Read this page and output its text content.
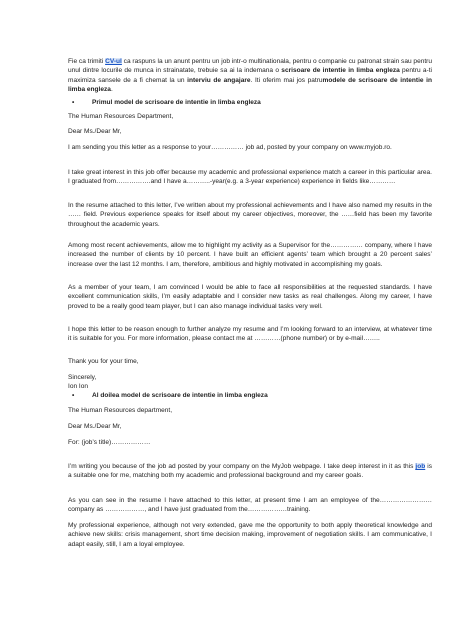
Fie ca trimiti CV-ul ca raspuns la un anunt pentru un job intr-o multinationala, pentru o companie cu patronat strain sau pentru unul dintre locurile de munca in strainatate, trebuie sa ai la indemana o scrisoare de intentie in limba engleza pentru a-ti maximiza sansele de a fi chemat la un interviu de angajare. Iti oferim mai jos patrumodele de scrisoare de intentie in limba engleza.
•	Primul model de scrisoare de intentie in limba engleza
The Human Resources Department,
Dear Ms./Dear Mr,
I am sending you this letter as a response to your…………… job ad, posted by your company on www.myjob.ro.
I take great interest in this job offer because my academic and professional experience match a career in this particular area. I graduated from…………….and I have a………..-year(e.g. a 3-year experience) experience in fields like…………
In the resume attached to this letter, I’ve written about my professional achievements and I have also named my results in the …… field. Previous experience speaks for itself about my career objectives, moreover, the ……field has been my favorite throughout the academic years.
Among most recent achievements, allow me to highlight my activity as a Supervisor for the…………… company, where I have increased the number of clients by 10 percent. I have built an efficient agents’ team which brought a 20 percent sales’ increase over the last 12 months. I am, therefore, ambitious and highly motivated in accomplishing my goals.
As a member of your team, I am convinced I would be able to face all responsibilities at the requested standards. I have excellent communication skills, I’m easily adaptable and I consider new tasks as real challenges. Along my career, I have proved to be a really good team player, but I can also manage individual tasks very well.
I hope this letter to be reason enough to further analyze my resume and I’m looking forward to an interview, at whatever time it is suitable for you. For more information, please contact me at …………(phone number) or by e-mail……..
Thank you for your time,
Sincerely,
Ion Ion
•	Al doilea model de scrisoare de intentie in limba engleza
The Human Resources department,
Dear Ms./Dear Mr,
For: (job’s title)………………
I’m writing you because of the job ad posted by your company on the MyJob webpage. I take deep interest in it as this job is a suitable one for me, matching both my academic and professional background and my career goals.
As you can see in the resume I have attached to this letter, at present time I am an employee of the……………………company as ………………, and I have just graduated from the………………training.
My professional experience, although not very extended, gave me the opportunity to both apply theoretical knowledge and achieve new skills: crisis management, short time decision making, improvement of negotiation skills. I am communicative, I adapt easily, still, I am a loyal employee.
